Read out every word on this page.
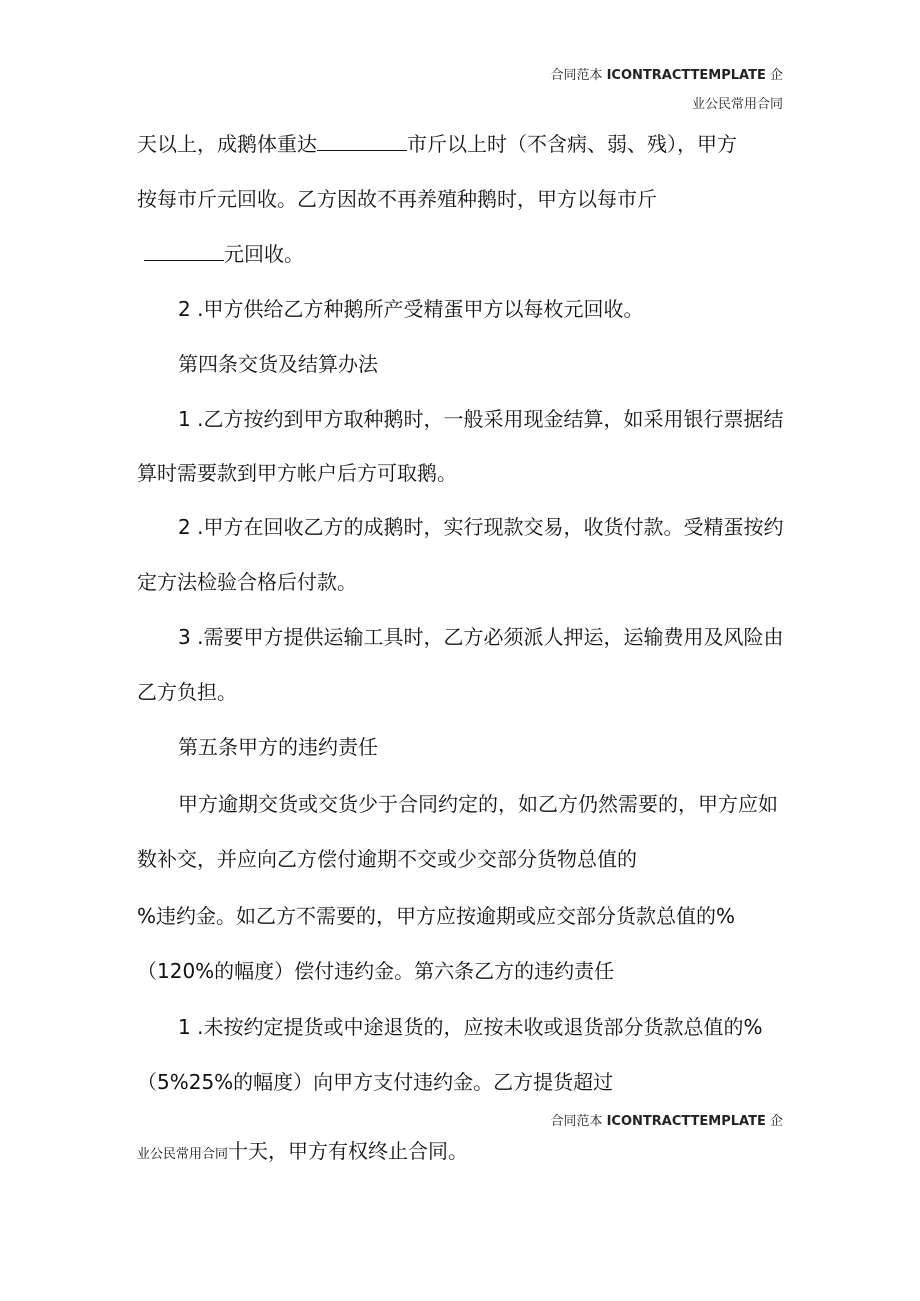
合同范本 ICONTRACTTEMPLATE 企
业公民常用合同
天以上，成鹅体重达	市斤以上时（不含病、弱、残），甲方
按每市斤元回收。乙方因故不再养殖种鹅时，甲方以每市斤
元回收。
2 .甲方供给乙方种鹅所产受精蛋甲方以每枚元回收。
第四条交货及结算办法
1 .乙方按约到甲方取种鹅时，一般采用现金结算，如采用银行票据结
算时需要款到甲方帐户后方可取鹅。
2 .甲方在回收乙方的成鹅时，实行现款交易，收货付款。受精蛋按约
定方法检验合格后付款。
3 .需要甲方提供运输工具时，乙方必须派人押运，运输费用及风险由
乙方负担。
第五条甲方的违约责任
甲方逾期交货或交货少于合同约定的，如乙方仍然需要的，甲方应如
数补交，并应向乙方偿付逾期不交或少交部分货物总值的
%违约金。如乙方不需要的，甲方应按逾期或应交部分货款总值的%
（120%的幅度）偿付违约金。第六条乙方的违约责任
1 .未按约定提货或中途退货的，应按未收或退货部分货款总值的%
（5%25%的幅度）向甲方支付违约金。乙方提货超过
合同范本 ICONTRACTTEMPLATE 企
业公民常用合同十天，甲方有权终止合同。
